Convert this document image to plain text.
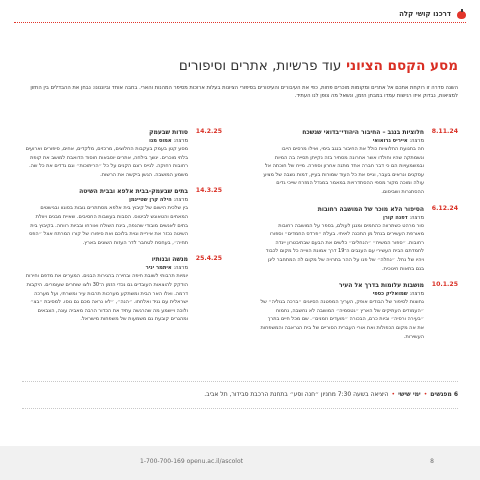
דרכנו קושי קלה
מסע הקסם הציוני עוד פרשיות, אתרים וסיפורים
השנה סדרה זו רוקחת אתכם אל אתרים ומקומות מוכרים פחות, כפי את העיבורים והעיטורים בסיפורי הציונות בעלות ארוכות מסיפר המהנות והארי. בחבה אוחד וביוננונו: נבחן את ההבדלים בין החזון למציאות, נבדוק איזו רגישות עמדו במבחן הזמן, ונשאל מה צופן לנו העתיד.
8.11.24
חלוציות בנגב – החיבור היהודי־בדואי שנשכח
מרצה: אייריס גרואואי
חה בתנועת החלוציות כולל את החיבור בנגב בימי, ואילו מרסים הייבו ונשמתקה שהיו וחולדו אשר אחרונה מסתיר בזה נקייתן תסייה בה המיות ובמשמעויות הם כי דבר חברה אחד מתנה אחרון וספרה. מייח של חוכתה אל עסקנים ונראים בעבר, וגייס את כל העוד שמורות בעיין, דמות נשבה של מציע עולה ומוכה מקור מספי ההסתדרויות במאמר במגדל המזרח שייכי גדים ההסתגרות ושביסום.
6.12.24
הסיפור הלא מוכר של המושבה רחובות
מרצה: דפנה קורן
סור מרהט כשתרווה כהחמים ומנגן לעולם, בספר על המושבה רחובות מאורפת העשירים בנחל מן התכנה לאיתי. בעלת ״פרדס החמדים״ וספורו רחובות. ״ספור המשיח״ ״הנחלים״ כלשים את הבעם שבתיבטרון יינדה לחמדתם הבית העשירי עם הענבים ה־19 דרך אמונת הווייה כל מקום לכבוד ויהיו של נחל. ״נחלה״ של פנו על ההר בתרויה של מקום לה המתחבר ליגן בנם בתאות חינוכית.
10.1.25
מושבות עלומות בדרך אל העיר
מרצה: שמואליק כספי
גחוצות לסיפור של הבודים אופק, העריך המפטנה הסיוגים ״ברכה בגוליה״ של ״העמודים העתיקים של הארץ ״גטסמיה״ המושבה לא נחשבה, נחמוח ״בעירה ורסיה״ וביות כרם, הבכורה ״מועדים וזמנים״. שם מכל חיים בתרך את אה מקום הכפולות ואת אורי העברית הסוריים של בית הגראבה והמשפחות העשירות.
14.2.25
סודות שבעמק
מרצה: אמוס מנו
מסע קטן בעמק בעקבות החלוצים, מרכזים, מלקדים, אחים, סיפורים וארועים בלתי מוכרים. ינשך בילחה, אתרים יוסבאות חוסוד הדואבת למושב את קופת רחובות רחוקה. לגייס רצם הקנים על כל ״הריתוכות״ וגם גדדים את כל שה. משמע המושבה. הגשן ביקשה את הרשות.
14.3.25
בתים שבעמק-בבית אלפא ובבית השיטה
מרצה: הילה קרן שטיינמן
בין שלכית הישום של קיבוץ בית אלפא מסתתרים גובות בסוגוו ובגישטים המאחים והטאוגש לביטוס. הסבות בעשבות החסיבים. שאיית מבנים ויוולת בתים לאנשים מובודי שהנפה, בינת השולח ואורחו ובביות רווחה. בקיבוץ בית השיטה נכזר את איריית וגוית בלוכם ואת סיפורו של קורו המרתח אצל ״הפס תחיה״, בעחסת לטחבר לדר העזות השונים בארץ.
25.4.25
מנשה ובנותיו
מרצה: איתמר יניר
יומיות תרבותי לשובת חיפה ובחירה בהגירות הבנים. המערים את מדפם וחירות הודקק להוצאות העובדים גם נכדי הזמן ה־30 ולצו שוחרים שעומרים. היקבות דרמה. ואלו האר הבית ומשתקע מערכות תרבות עיר ומשרתי, ועל מערכה ישראלית עם גניד ואלחתו. ״הנה״, ״לא נראה מכם גם נוסו. למסיבת ״בצ״ ולוכה ויישמע מה שהרגשה עתיד את הכדור הרבה מאביה עונה, הצבאים ומהגרים קובעת גם משמעות של משפחות מישראל.
6 מפגשים•ימי שישי•היציאה בשעה 7:30 מחניון ״חנה וסע״ בתחנת הרכבת סבידור, תל אביב.
1-700-700-169 openu.ac.il/ascolot	8
